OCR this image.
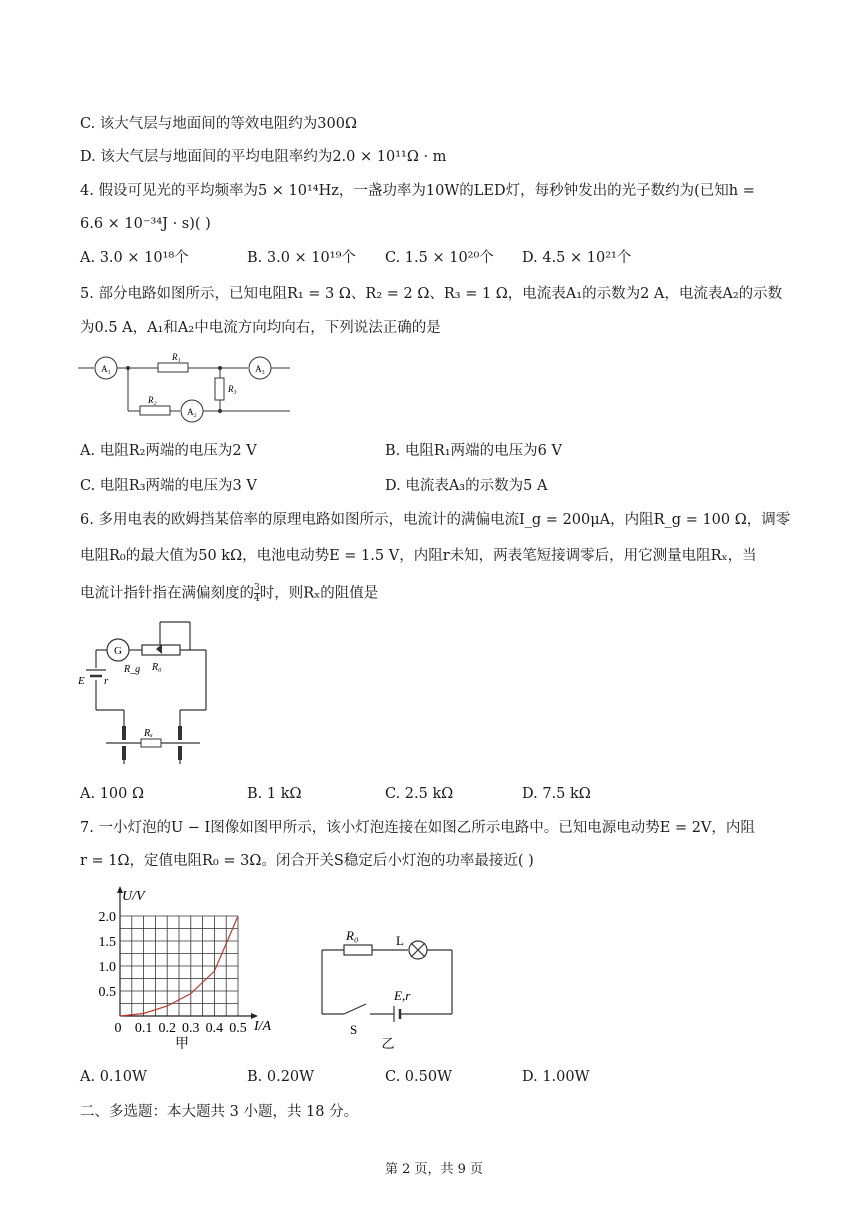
C. 该大气层与地面间的等效电阻约为300Ω
D. 该大气层与地面间的平均电阻率约为2.0 × 10¹¹Ω · m
4. 假设可见光的平均频率为5 × 10¹⁴Hz，一盏功率为10W的LED灯，每秒钟发出的光子数约为(已知h =
6.6 × 10⁻³⁴J · s)( )
A. 3.0 × 10¹⁸个	B. 3.0 × 10¹⁹个 C. 1.5 × 10²⁰个 D. 4.5 × 10²¹个
5. 部分电路如图所示，已知电阻R₁ = 3 Ω、R₂ = 2 Ω、R₃ = 1 Ω，电流表A₁的示数为2 A，电流表A₂的示数
为0.5 A，A₁和A₂中电流方向均向右，下列说法正确的是
A₁	A₃
A₂
R₁
R₂
R₃
A. 电阻R₂两端的电压为2 V	B. 电阻R₁两端的电压为6 V
C. 电阻R₃两端的电压为3 V	D. 电流表A₃的示数为5 A
6. 多用电表的欧姆挡某倍率的原理电路如图所示，电流计的满偏电流I_g = 200μA，内阻R_g = 100 Ω，调零
电阻R₀的最大值为50 kΩ，电池电动势E = 1.5 V，内阻r未知，两表笔短接调零后，用它测量电阻Rₓ，当
电流计指针指在满偏刻度的 $\frac{3}{4}$ 时，则Rₓ的阻值是
G
R_g R₀
E r
Rₓ
A. 100 Ω	B. 1 kΩ	C. 2.5 kΩ	D. 7.5 kΩ
7. 一小灯泡的U − I图像如图甲所示，该小灯泡连接在如图乙所示电路中。已知电源电动势E = 2V，内阻
r = 1Ω，定值电阻R₀ = 3Ω。闭合开关S稳定后小灯泡的功率最接近( )
U/V
I/A
2.0
1.5
1.0
0.5
0 0.1 0.2 0.3 0.4 0.5
甲
R₀	L
E,r
S
乙
A. 0.10W	B. 0.20W	C. 0.50W	D. 1.00W
二、多选题：本大题共 3 小题，共 18 分。
第 2 页，共 9 页
